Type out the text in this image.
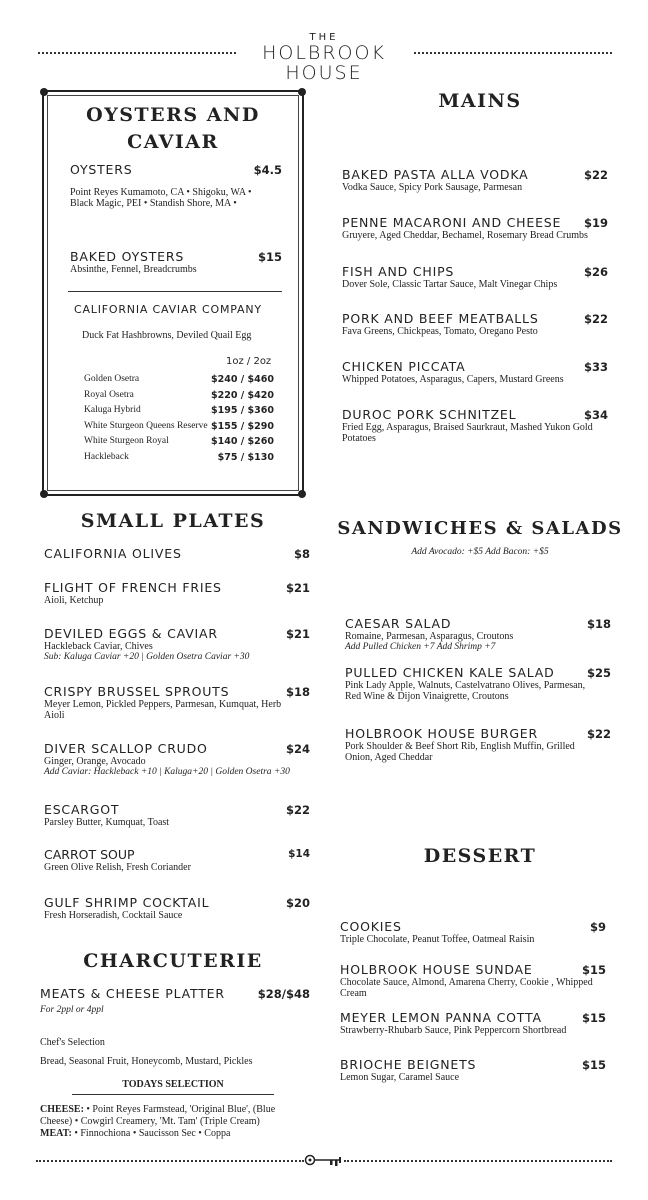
THE
HOLBROOK
HOUSE
OYSTERS AND
CAVIAR
OYSTERS	$4.5
Point Reyes Kumamoto, CA • Shigoku, WA •
Black Magic, PEI • Standish Shore, MA •
BAKED OYSTERS	$15
Absinthe, Fennel, Breadcrumbs
CALIFORNIA CAVIAR COMPANY
Duck Fat Hashbrowns, Deviled Quail Egg
1oz / 2oz
Golden Osetra	$240 / $460
Royal Osetra	$220 / $420
Kaluga Hybrid	$195 / $360
White Sturgeon Queens Reserve $155 / $290
White Sturgeon Royal	$140 / $260
Hackleback	$75 / $130
SMALL PLATES
CALIFORNIA OLIVES	$8
FLIGHT OF FRENCH FRIES	$21
Aioli, Ketchup
DEVILED EGGS & CAVIAR	$21
Hackleback Caviar, Chives
Sub: Kaluga Caviar +20 | Golden Osetra Caviar +30
CRISPY BRUSSEL SPROUTS	$18
Meyer Lemon, Pickled Peppers, Parmesan, Kumquat, Herb
Aioli
DIVER SCALLOP CRUDO	$24
Ginger, Orange, Avocado
Add Caviar: Hackleback +10 | Kaluga+20 | Golden Osetra +30
ESCARGOT	$22
Parsley Butter, Kumquat, Toast
CARROT SOUP	$14
Green Olive Relish, Fresh Coriander
GULF SHRIMP COCKTAIL	$20
Fresh Horseradish, Cocktail Sauce
CHARCUTERIE
MEATS & CHEESE PLATTER	$28/$48
For 2ppl or 4ppl
Chef's Selection
Bread, Seasonal Fruit, Honeycomb, Mustard, Pickles
TODAYS SELECTION
CHEESE: • Point Reyes Farmstead, 'Original Blue', (Blue
Cheese) • Cowgirl Creamery, 'Mt. Tam' (Triple Cream)
MEAT: • Finnochiona • Saucisson Sec • Coppa
MAINS
BAKED PASTA ALLA VODKA	$22
Vodka Sauce, Spicy Pork Sausage, Parmesan
PENNE MACARONI AND CHEESE	$19
Gruyere, Aged Cheddar, Bechamel, Rosemary Bread Crumbs
FISH AND CHIPS	$26
Dover Sole, Classic Tartar Sauce, Malt Vinegar Chips
PORK AND BEEF MEATBALLS	$22
Fava Greens, Chickpeas, Tomato, Oregano Pesto
CHICKEN PICCATA	$33
Whipped Potatoes, Asparagus, Capers, Mustard Greens
DUROC PORK SCHNITZEL	$34
Fried Egg, Asparagus, Braised Saurkraut, Mashed Yukon Gold
Potatoes
SANDWICHES & SALADS
Add Avocado: +$5 Add Bacon: +$5
CAESAR SALAD	$18
Romaine, Parmesan, Asparagus, Croutons
Add Pulled Chicken +7 Add Shrimp +7
PULLED CHICKEN KALE SALAD	$25
Pink Lady Apple, Walnuts, Castelvatrano Olives, Parmesan,
Red Wine & Dijon Vinaigrette, Croutons
HOLBROOK HOUSE BURGER	$22
Pork Shoulder & Beef Short Rib, English Muffin, Grilled
Onion, Aged Cheddar
DESSERT
COOKIES	$9
Triple Chocolate, Peanut Toffee, Oatmeal Raisin
HOLBROOK HOUSE SUNDAE	$15
Chocolate Sauce, Almond, Amarena Cherry, Cookie , Whipped
Cream
MEYER LEMON PANNA COTTA	$15
Strawberry-Rhubarb Sauce, Pink Peppercorn Shortbread
BRIOCHE BEIGNETS	$15
Lemon Sugar, Caramel Sauce
